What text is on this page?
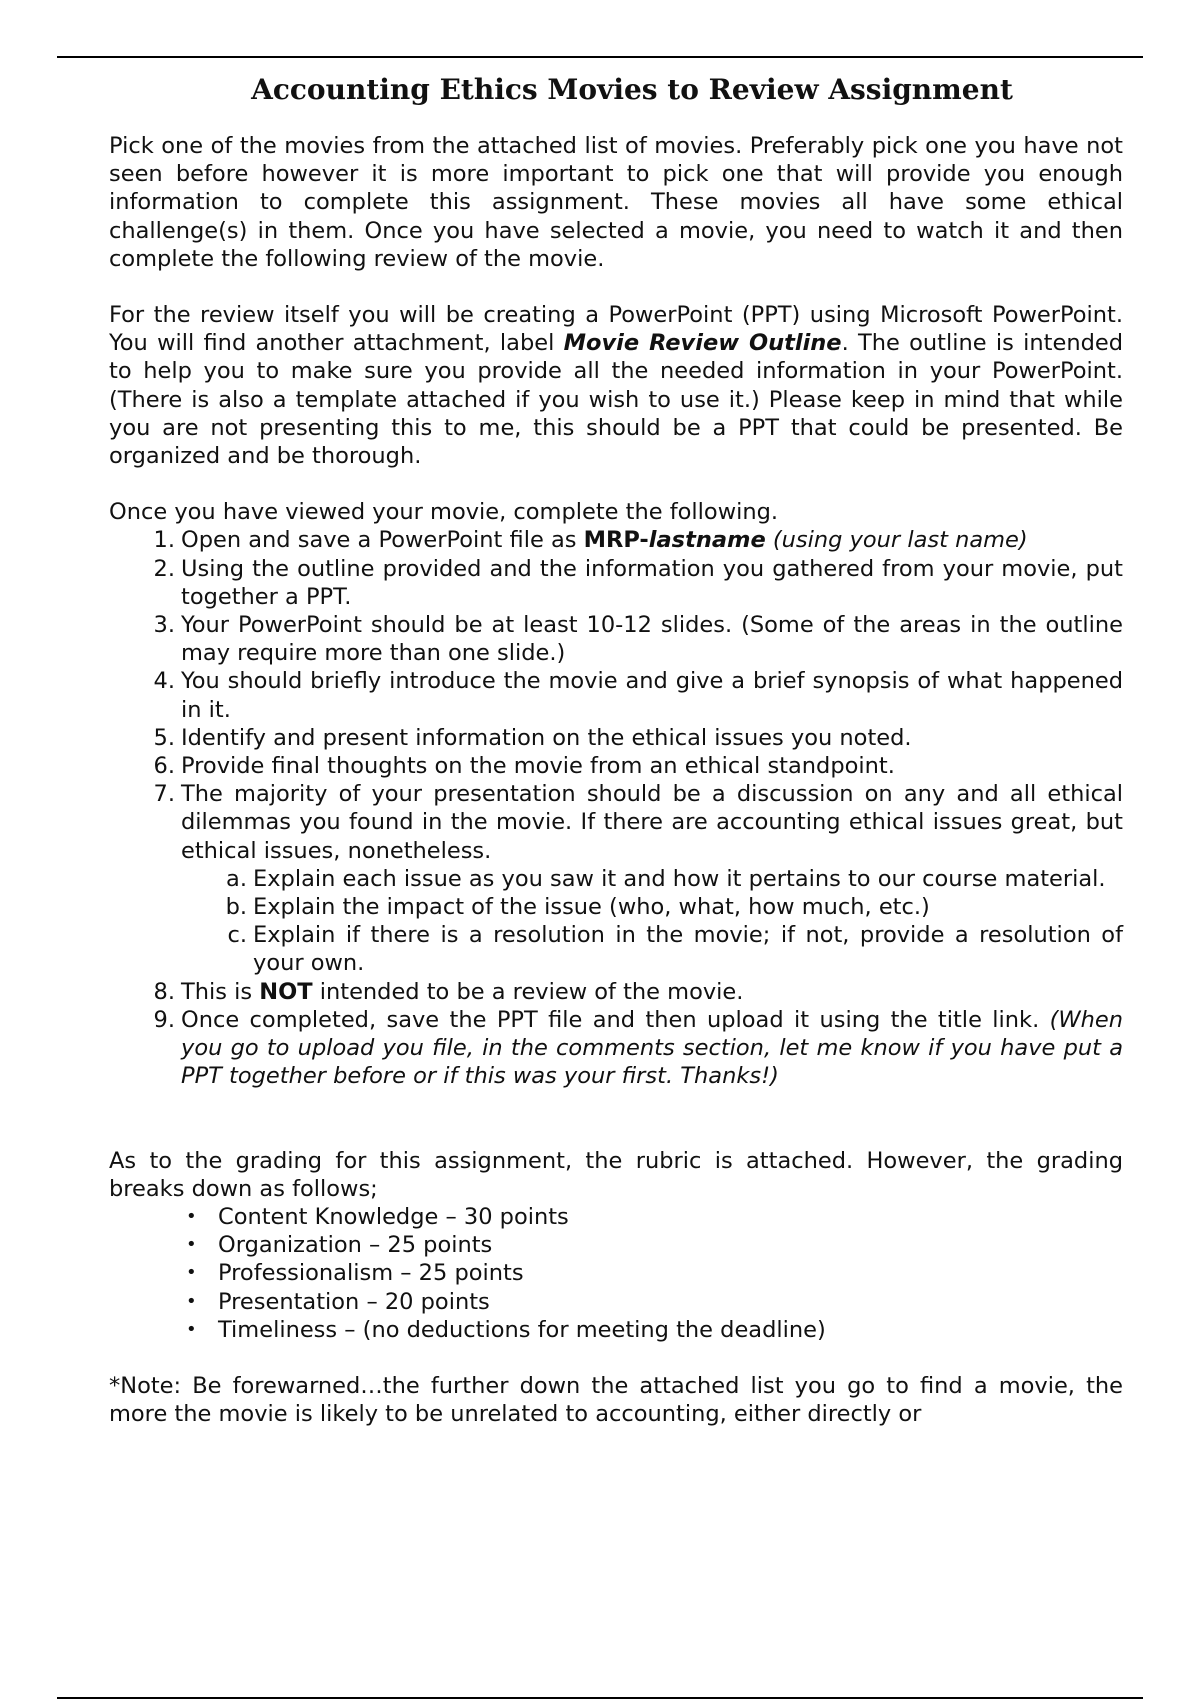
Accounting Ethics Movies to Review Assignment

Pick one of the movies from the attached list of movies. Preferably pick one you have not seen before however it is more important to pick one that will provide you enough information to complete this assignment. These movies all have some ethical challenge(s) in them. Once you have selected a movie, you need to watch it and then complete the following review of the movie.

For the review itself you will be creating a PowerPoint (PPT) using Microsoft PowerPoint. You will find another attachment, label Movie Review Outline. The outline is intended to help you to make sure you provide all the needed information in your PowerPoint. (There is also a template attached if you wish to use it.) Please keep in mind that while you are not presenting this to me, this should be a PPT that could be presented. Be organized and be thorough.

Once you have viewed your movie, complete the following.

1. Open and save a PowerPoint file as MRP-lastname (using your last name)
2. Using the outline provided and the information you gathered from your movie, put together a PPT.
3. Your PowerPoint should be at least 10-12 slides. (Some of the areas in the outline may require more than one slide.)
4. You should briefly introduce the movie and give a brief synopsis of what happened in it.
5. Identify and present information on the ethical issues you noted.
6. Provide final thoughts on the movie from an ethical standpoint.
7. The majority of your presentation should be a discussion on any and all ethical dilemmas you found in the movie. If there are accounting ethical issues great, but ethical issues, nonetheless.
a. Explain each issue as you saw it and how it pertains to our course material.
b. Explain the impact of the issue (who, what, how much, etc.)
c. Explain if there is a resolution in the movie; if not, provide a resolution of your own.
8. This is NOT intended to be a review of the movie.
9. Once completed, save the PPT file and then upload it using the title link. (When you go to upload you file, in the comments section, let me know if you have put a PPT together before or if this was your first. Thanks!)

As to the grading for this assignment, the rubric is attached. However, the grading breaks down as follows;

• Content Knowledge – 30 points
• Organization – 25 points
• Professionalism – 25 points
• Presentation – 20 points
• Timeliness – (no deductions for meeting the deadline)

*Note: Be forewarned…the further down the attached list you go to find a movie, the more the movie is likely to be unrelated to accounting, either directly or
